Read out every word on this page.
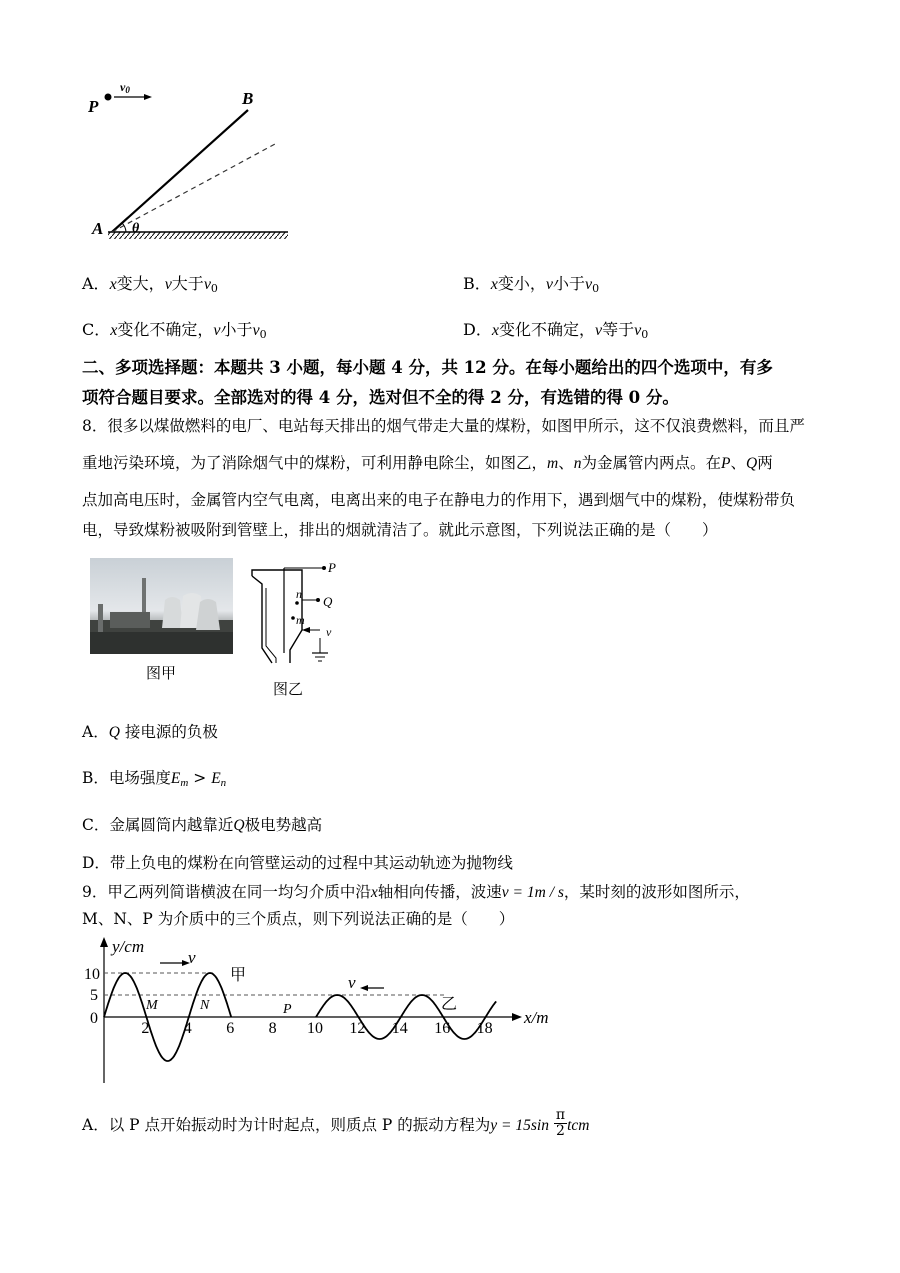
P
v0	B
A θ
A．x变大，v大于$v_0$	B．x变小，v小于$v_0$
C．x变化不确定，v小于$v_0$	D．x变化不确定，v等于$v_0$
二、多项选择题：本题共 3 小题，每小题 4 分，共 12 分。在每小题给出的四个选项中，有多
项符合题目要求。全部选对的得 4 分，选对但不全的得 2 分，有选错的得 0 分。
8．很多以煤做燃料的电厂、电站每天排出的烟气带走大量的煤粉，如图甲所示，这不仅浪费燃料，而且严
重地污染环境，为了消除烟气中的煤粉，可利用静电除尘，如图乙，m、n为金属管内两点。在P、Q两
点加高电压时，金属管内空气电离，电离出来的电子在静电力的作用下，遇到烟气中的煤粉，使煤粉带负
电，导致煤粉被吸附到管壁上，排出的烟就清洁了。就此示意图，下列说法正确的是（　　）
图甲
P
Q
n
m
v
图乙
A．Q 接电源的负极
B．电场强度$E_m > E_n$
C．金属圆筒内越靠近Q极电势越高
D．带上负电的煤粉在向管壁运动的过程中其运动轨迹为抛物线
9．甲乙两列简谐横波在同一均匀介质中沿x轴相向传播，波速v = 1m / s，某时刻的波形如图所示，
M、N、P 为介质中的三个质点，则下列说法正确的是（　　）
y/cm
x/m
10
5
0
2 4 6 8 10 12 14 16 18
v
v
甲
乙
M	N	P
A．以 P 点开始振动时为计时起点，则质点 P 的振动方程为$y = 15\sin \frac{\pi}{2}$ tcm
